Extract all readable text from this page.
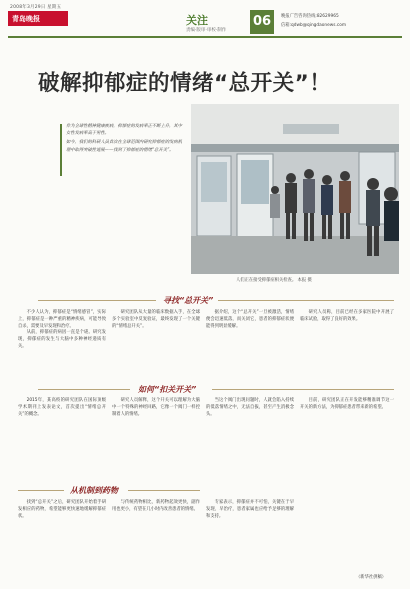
2008年3月29日 星期五
青岛晚报	关注
责编·版审·审校·制作
06	晚报广告咨询热线:82629965
信箱:qdwb@qingdaonews.com
破解抑郁症的情绪“总开关”！

作为全球性精神健康疾病，抑郁症的发病率正不断上升，其中女性发病率高于男性。

如今，我们的科研人员首次在全球范围内研究抑郁症的发病机理中取得突破性进展——找到了抑郁症的情绪“总开关”。

人们正在接受抑郁症相关检查。 本报 摄
寻找“总开关”

不少人认为，抑郁症是“情绪感冒”，实际上，抑郁症是一种严重的精神疾病，可能导致自杀，需要及早发现和治疗。

从前，抑郁症的病因一直是个谜。研究发现，抑郁症的发生与大脑中多种神经递质有关。

研究团队从大量的临床数据入手，在全球多个实验室中反复验证，最终发现了一个关键的“情绪总开关”。

据介绍，这个“总开关”一旦被激活，情绪便会迅速低落，而关闭它，患者的抑郁症状便能得到明显缓解。

研究人员称，目前已经在多家医院中开展了临床试验，取得了良好的效果。

如何“扣关开关”

2015年，某高校的研究团队在国际顶级学术期刊上发表论文，首次提出“情绪总开关”的概念。

研究人员解释，这个开关可以理解为大脑中一个特殊的神经回路，它像一个阀门一样控制着人的情绪。

当这个阀门出现问题时，人就会陷入持续的低落情绪之中，无法自拔，甚至产生消极念头。

目前，研究团队正在开发能够精准调节这一开关的新方法，为抑郁症患者带来新的希望。

从机制到药物

找到“总开关”之后，研究团队开始着手研发相应的药物，希望能够更快速地缓解抑郁症状。

与传统药物相比，新药物起效更快，副作用也更小，有望在几小时内改善患者的情绪。

专家表示，抑郁症并不可怕，关键在于早发现、早治疗，患者家属也应给予足够的理解和支持。

（新华社供稿）
